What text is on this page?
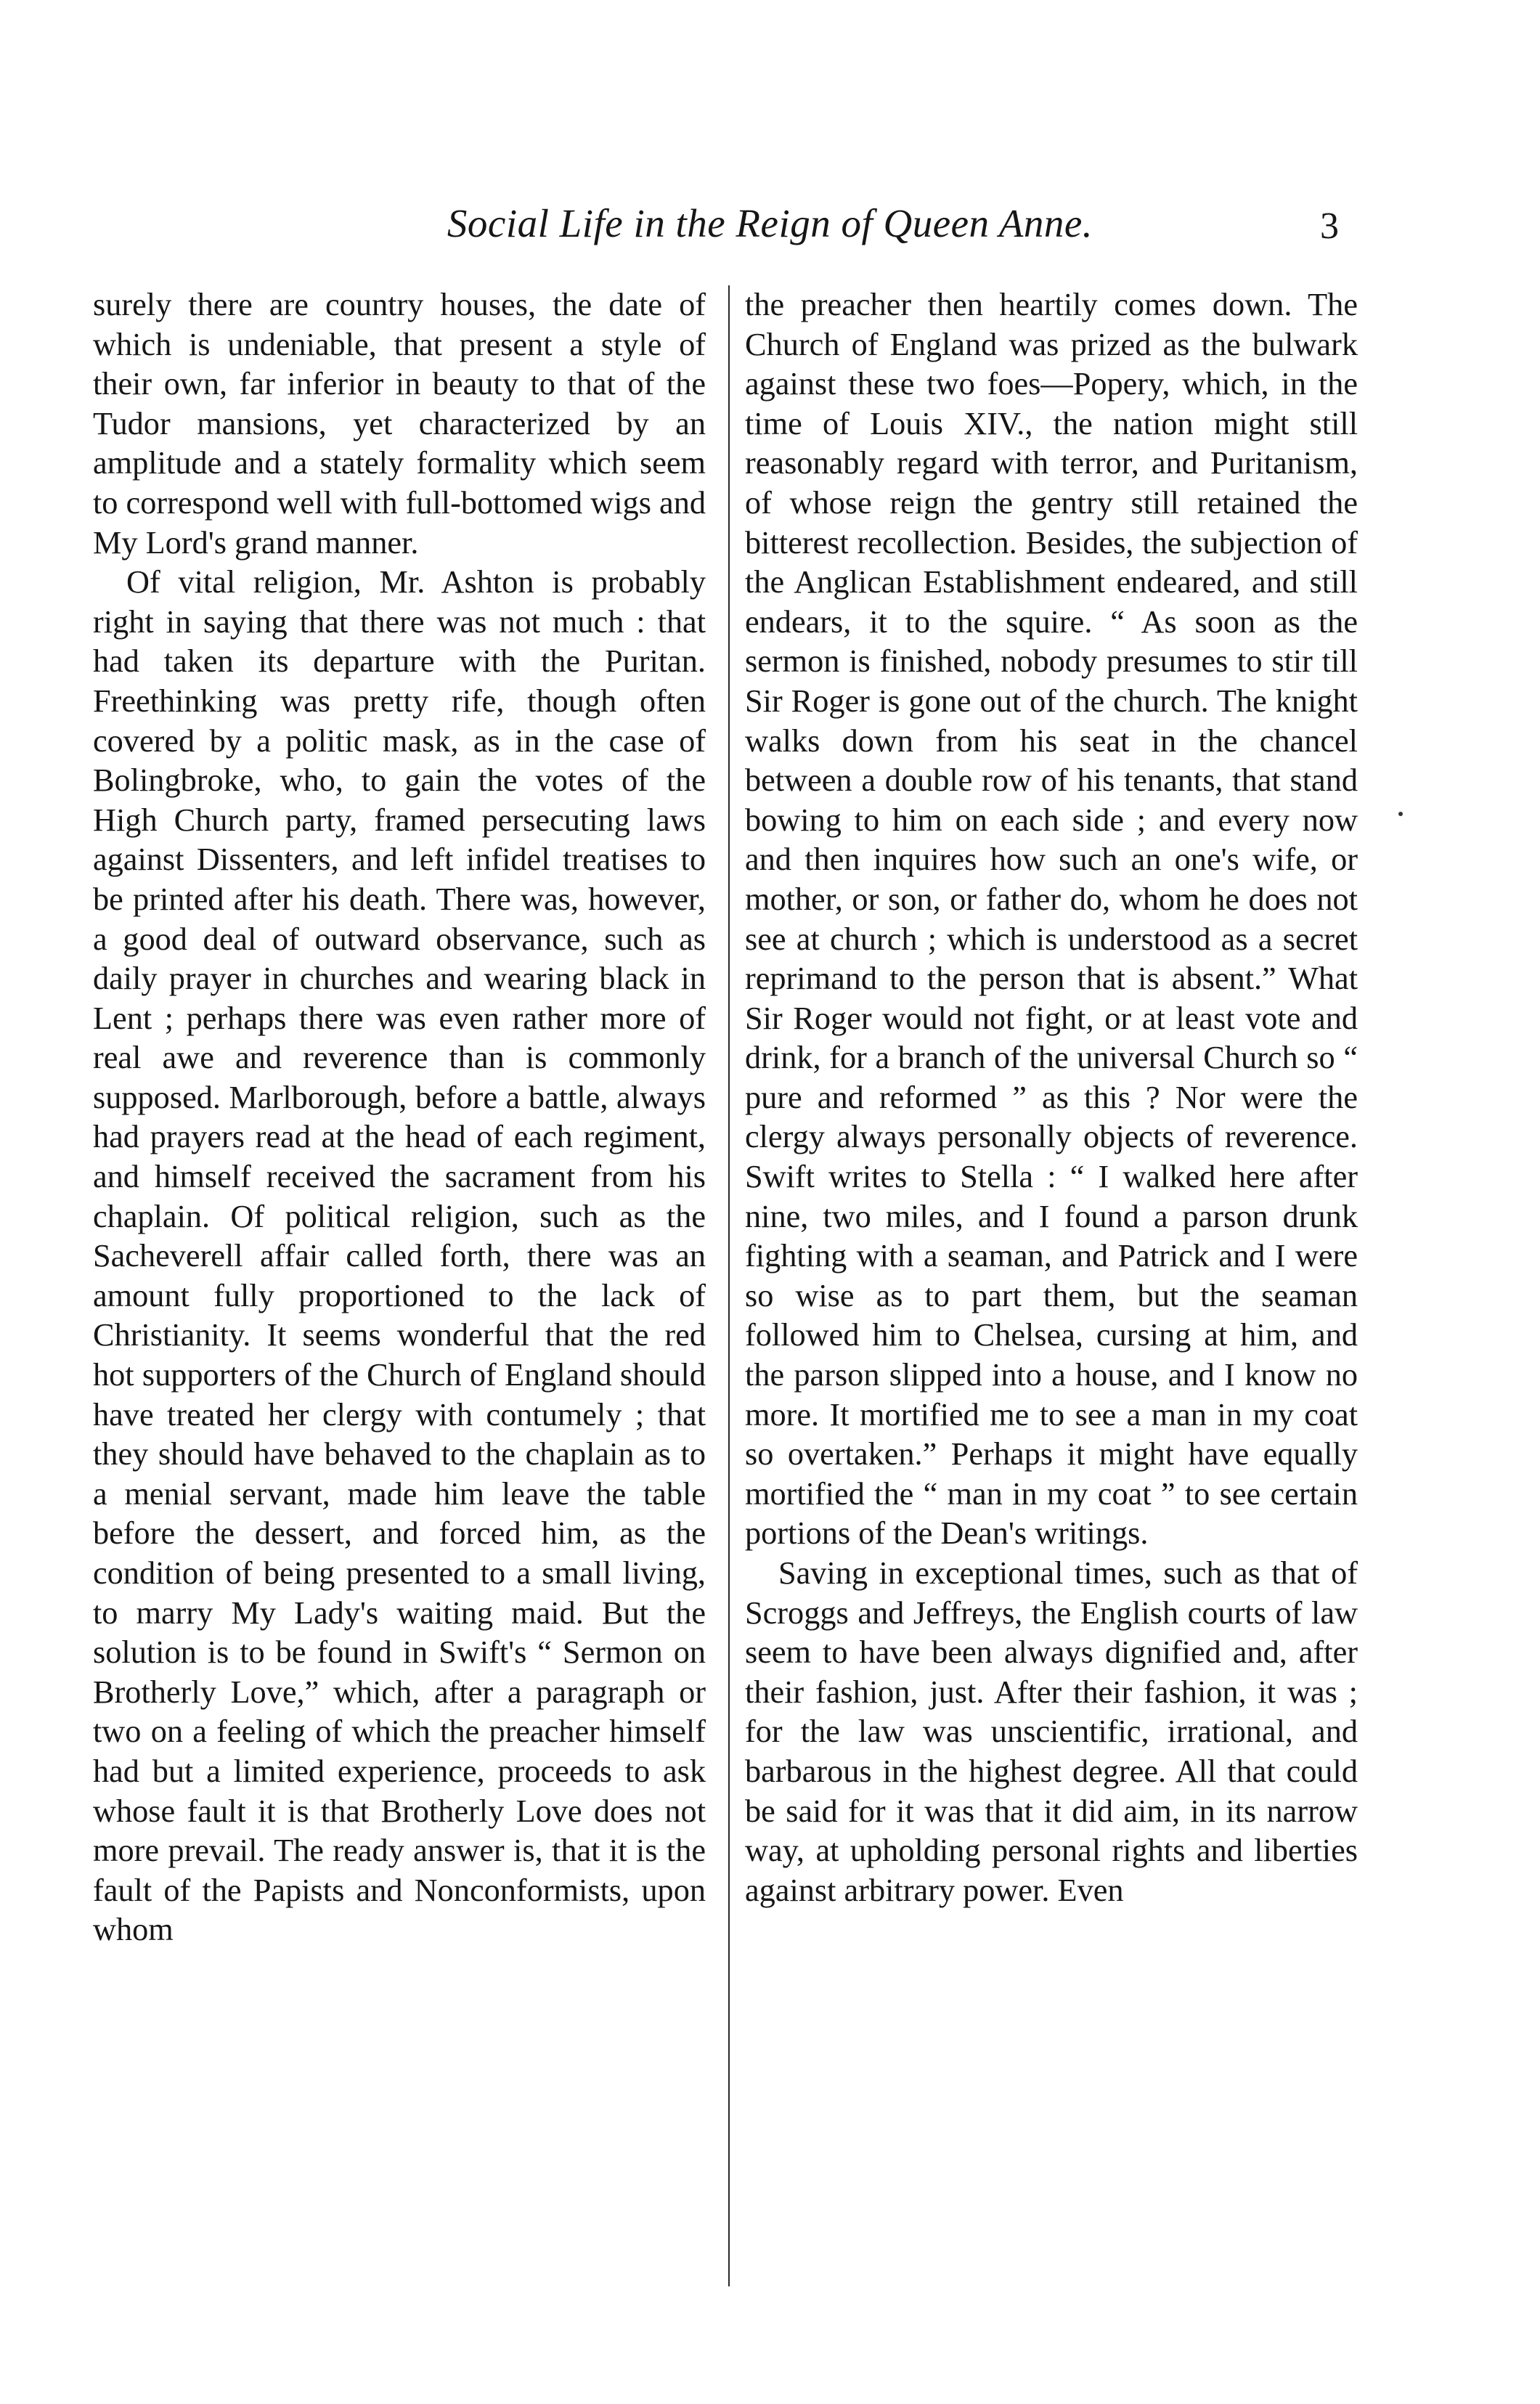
Social Life in the Reign of Queen Anne.	3

surely there are country houses, the date of which is undeniable, that present a style of their own, far inferior in beauty to that of the Tudor mansions, yet characterized by an amplitude and a stately formality which seem to correspond well with full-bottomed wigs and My Lord's grand manner.

Of vital religion, Mr. Ashton is probably right in saying that there was not much : that had taken its departure with the Puritan. Freethinking was pretty rife, though often covered by a politic mask, as in the case of Bolingbroke, who, to gain the votes of the High Church party, framed persecuting laws against Dissenters, and left infidel treatises to be printed after his death. There was, however, a good deal of outward observance, such as daily prayer in churches and wearing black in Lent ; perhaps there was even rather more of real awe and reverence than is commonly supposed. Marlborough, before a battle, always had prayers read at the head of each regiment, and himself received the sacrament from his chaplain. Of political religion, such as the Sacheverell affair called forth, there was an amount fully proportioned to the lack of Christianity. It seems wonderful that the red hot supporters of the Church of England should have treated her clergy with contumely ; that they should have behaved to the chaplain as to a menial servant, made him leave the table before the dessert, and forced him, as the condition of being presented to a small living, to marry My Lady's waiting maid. But the solution is to be found in Swift's “ Sermon on Brotherly Love,” which, after a paragraph or two on a feeling of which the preacher himself had but a limited experience, proceeds to ask whose fault it is that Brotherly Love does not more prevail. The ready answer is, that it is the fault of the Papists and Nonconformists, upon whom

the preacher then heartily comes down. The Church of England was prized as the bulwark against these two foes—Popery, which, in the time of Louis XIV., the nation might still reasonably regard with terror, and Puritanism, of whose reign the gentry still retained the bitterest recollection. Besides, the subjection of the Anglican Establishment endeared, and still endears, it to the squire. “ As soon as the sermon is finished, nobody presumes to stir till Sir Roger is gone out of the church. The knight walks down from his seat in the chancel between a double row of his tenants, that stand bowing to him on each side ; and every now and then inquires how such an one's wife, or mother, or son, or father do, whom he does not see at church ; which is understood as a secret reprimand to the person that is absent.” What Sir Roger would not fight, or at least vote and drink, for a branch of the universal Church so “ pure and reformed ” as this ? Nor were the clergy always personally objects of reverence. Swift writes to Stella : “ I walked here after nine, two miles, and I found a parson drunk fighting with a seaman, and Patrick and I were so wise as to part them, but the seaman followed him to Chelsea, cursing at him, and the parson slipped into a house, and I know no more. It mortified me to see a man in my coat so overtaken.” Perhaps it might have equally mortified the “ man in my coat ” to see certain portions of the Dean's writings.

Saving in exceptional times, such as that of Scroggs and Jeffreys, the English courts of law seem to have been always dignified and, after their fashion, just. After their fashion, it was ; for the law was unscientific, irrational, and barbarous in the highest degree. All that could be said for it was that it did aim, in its narrow way, at upholding personal rights and liberties against arbitrary power. Even
